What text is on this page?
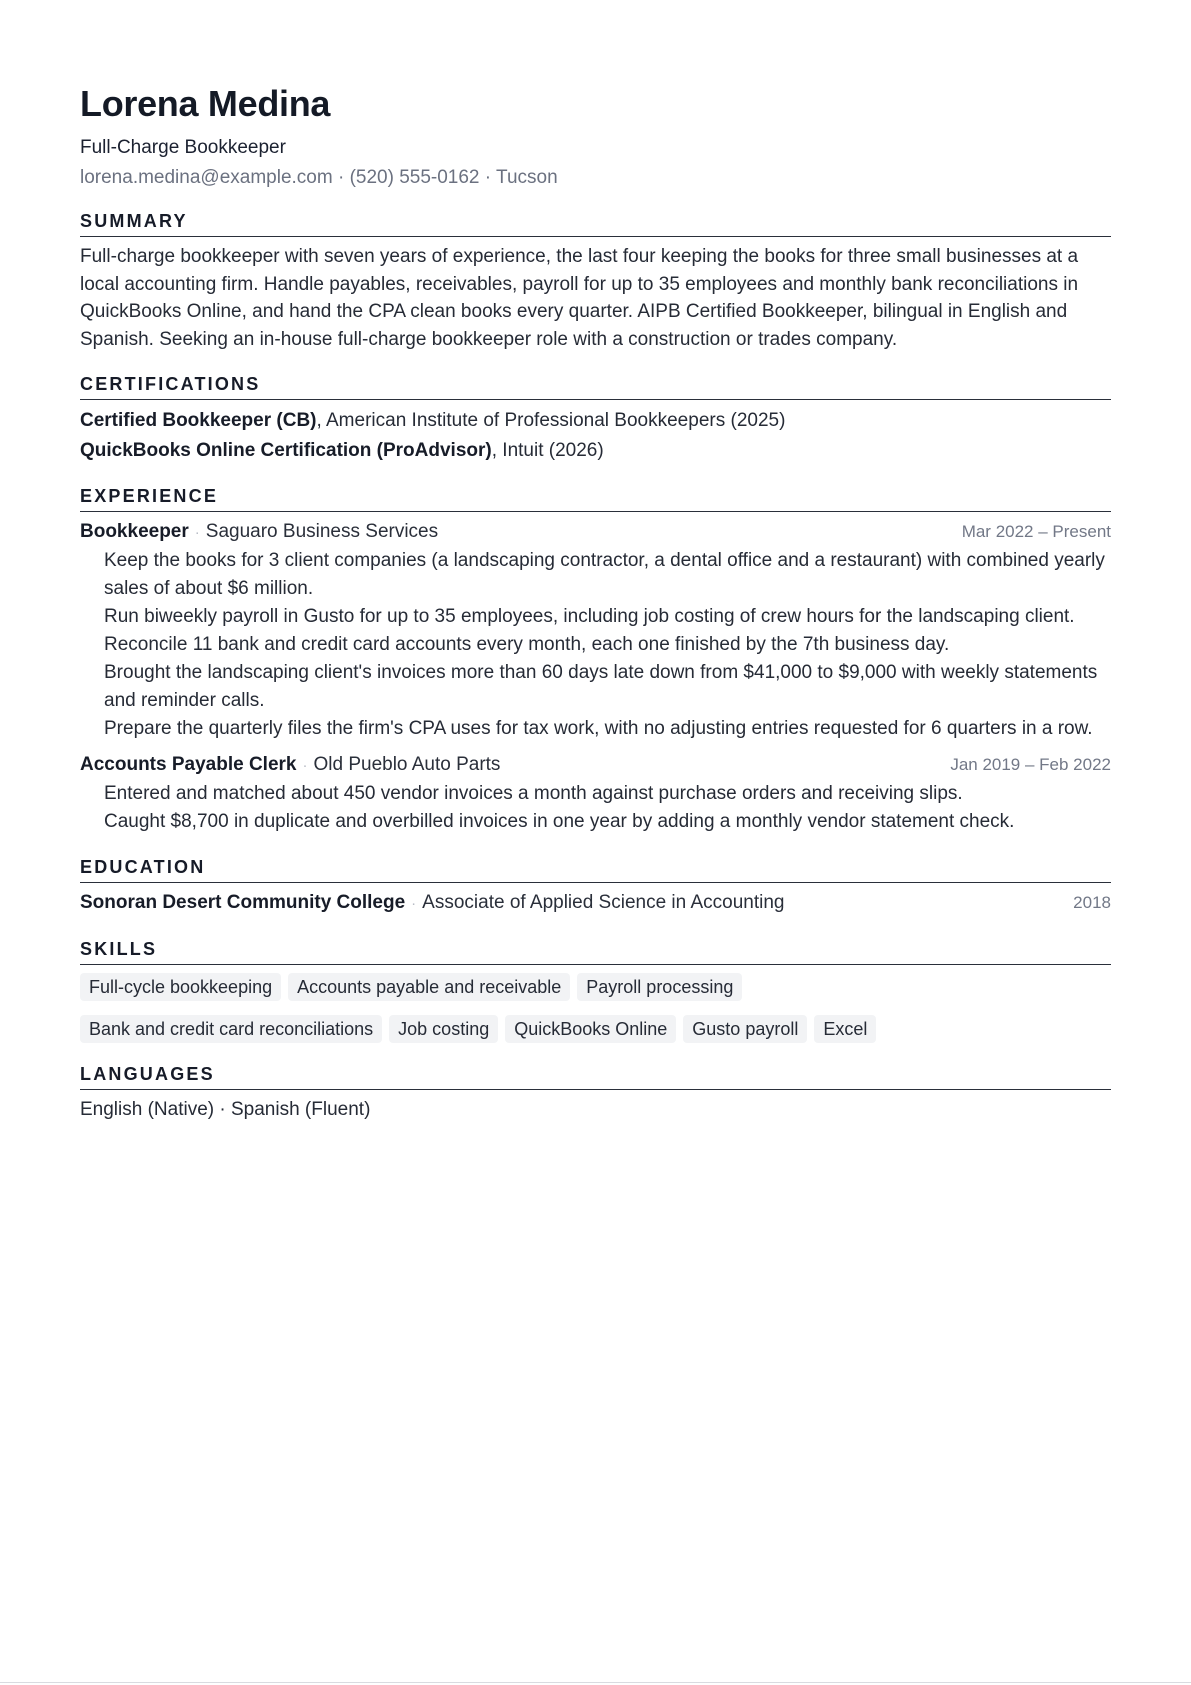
Lorena Medina
Full-Charge Bookkeeper
lorena.medina@example.com · (520) 555-0162 · Tucson
SUMMARY
Full-charge bookkeeper with seven years of experience, the last four keeping the books for three small businesses at a local accounting firm. Handle payables, receivables, payroll for up to 35 employees and monthly bank reconciliations in QuickBooks Online, and hand the CPA clean books every quarter. AIPB Certified Bookkeeper, bilingual in English and Spanish. Seeking an in-house full-charge bookkeeper role with a construction or trades company.
CERTIFICATIONS
Certified Bookkeeper (CB), American Institute of Professional Bookkeepers (2025)
QuickBooks Online Certification (ProAdvisor), Intuit (2026)
EXPERIENCE
Bookkeeper · Saguaro Business Services	Mar 2022 – Present
Keep the books for 3 client companies (a landscaping contractor, a dental office and a restaurant) with combined yearly sales of about $6 million.
Run biweekly payroll in Gusto for up to 35 employees, including job costing of crew hours for the landscaping client.
Reconcile 11 bank and credit card accounts every month, each one finished by the 7th business day.
Brought the landscaping client's invoices more than 60 days late down from $41,000 to $9,000 with weekly statements and reminder calls.
Prepare the quarterly files the firm's CPA uses for tax work, with no adjusting entries requested for 6 quarters in a row.
Accounts Payable Clerk · Old Pueblo Auto Parts	Jan 2019 – Feb 2022
Entered and matched about 450 vendor invoices a month against purchase orders and receiving slips.
Caught $8,700 in duplicate and overbilled invoices in one year by adding a monthly vendor statement check.
EDUCATION
Sonoran Desert Community College · Associate of Applied Science in Accounting	2018
SKILLS
Full-cycle bookkeeping	Accounts payable and receivable	Payroll processing
Bank and credit card reconciliations	Job costing	QuickBooks Online	Gusto payroll	Excel
LANGUAGES
English (Native) · Spanish (Fluent)
